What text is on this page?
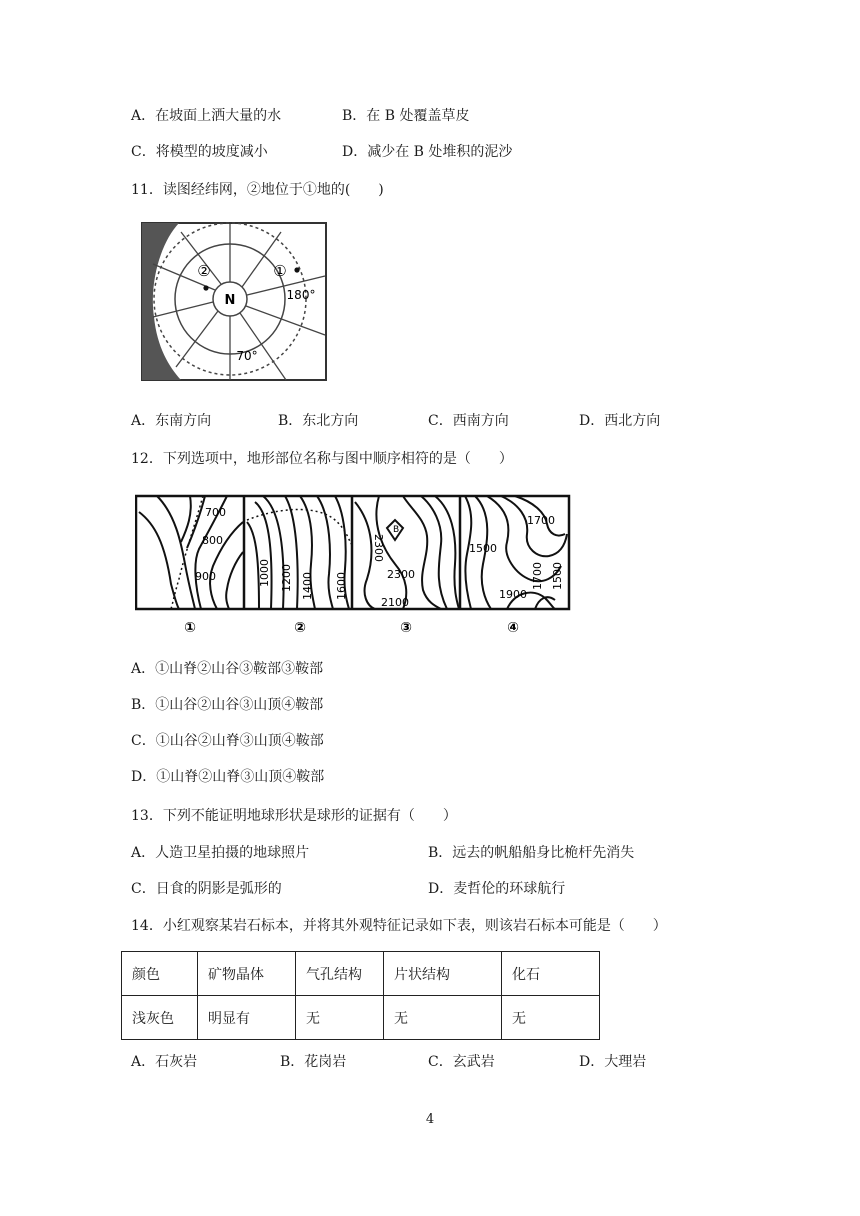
A．在坡面上洒大量的水	B．在 B 处覆盖草皮
C．将模型的坡度减小	D．减少在 B 处堆积的泥沙
11．读图经纬网，②地位于①地的(　　)
N
②	①
180°
70°
A．东南方向	B．东北方向	C．西南方向	D．西北方向
12．下列选项中，地形部位名称与图中顺序相符的是（　　）
700
800
900	1000 1200 1400 1600
B
2300
2300
2100
1700
1500
1900
1700 1500
①	②	③	④
A．①山脊②山谷③鞍部③鞍部
B．①山谷②山谷③山顶④鞍部
C．①山谷②山脊③山顶④鞍部
D．①山脊②山脊③山顶④鞍部
13．下列不能证明地球形状是球形的证据有（　　）
A．人造卫星拍摄的地球照片	B．远去的帆船船身比桅杆先消失
C．日食的阴影是弧形的	D．麦哲伦的环球航行
14．小红观察某岩石标本，并将其外观特征记录如下表，则该岩石标本可能是（　　）
颜色	矿物晶体	气孔结构	片状结构	化石
浅灰色	明显有	无	无	无
A．石灰岩	B．花岗岩	C．玄武岩	D．大理岩
4
